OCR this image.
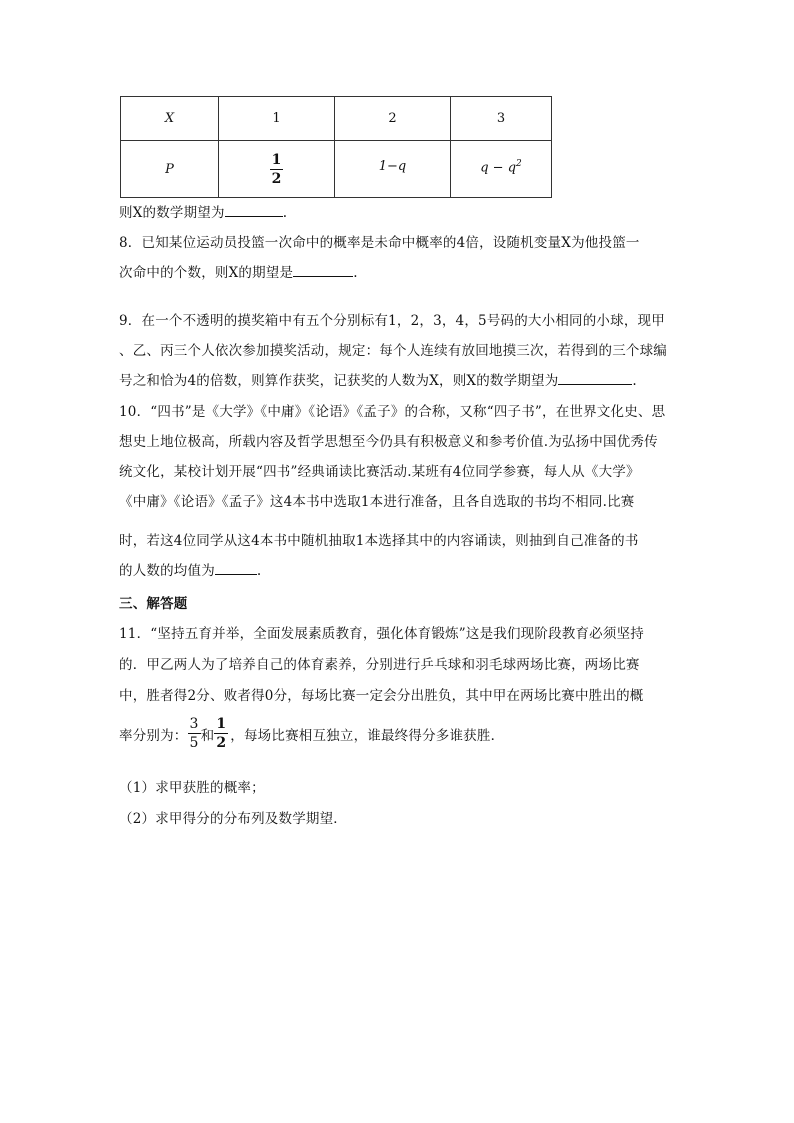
X	1	2	3
P	$\frac{1}{2}$	1−q	$q - q^2$
则X的数学期望为	.
8．已知某位运动员投篮一次命中的概率是未命中概率的4倍，设随机变量X为他投篮一
次命中的个数，则X的期望是	.
9．在一个不透明的摸奖箱中有五个分别标有1，2，3，4，5号码的大小相同的小球，现甲
、乙、丙三个人依次参加摸奖活动，规定：每个人连续有放回地摸三次，若得到的三个球编
号之和恰为4的倍数，则算作获奖，记获奖的人数为X，则X的数学期望为	.
10．“四书”是《大学》《中庸》《论语》《孟子》的合称，又称“四子书”，在世界文化史、思
想史上地位极高，所载内容及哲学思想至今仍具有积极意义和参考价值.为弘扬中国优秀传
统文化，某校计划开展“四书”经典诵读比赛活动.某班有4位同学参赛，每人从《大学》
《中庸》《论语》《孟子》这4本书中选取1本进行准备，且各自选取的书均不相同.比赛
时，若这4位同学从这4本书中随机抽取1本选择其中的内容诵读，则抽到自己准备的书
的人数的均值为	.
三、解答题
11．“坚持五育并举，全面发展素质教育，强化体育锻炼”这是我们现阶段教育必须坚持
的．甲乙两人为了培养自己的体育素养，分别进行乒乓球和羽毛球两场比赛，两场比赛
中，胜者得2分、败者得0分，每场比赛一定会分出胜负，其中甲在两场比赛中胜出的概
率分别为： $\frac{3}{5}$ 和 $\frac{1}{2}$ ，每场比赛相互独立，谁最终得分多谁获胜．
（1）求甲获胜的概率；
（2）求甲得分的分布列及数学期望．
